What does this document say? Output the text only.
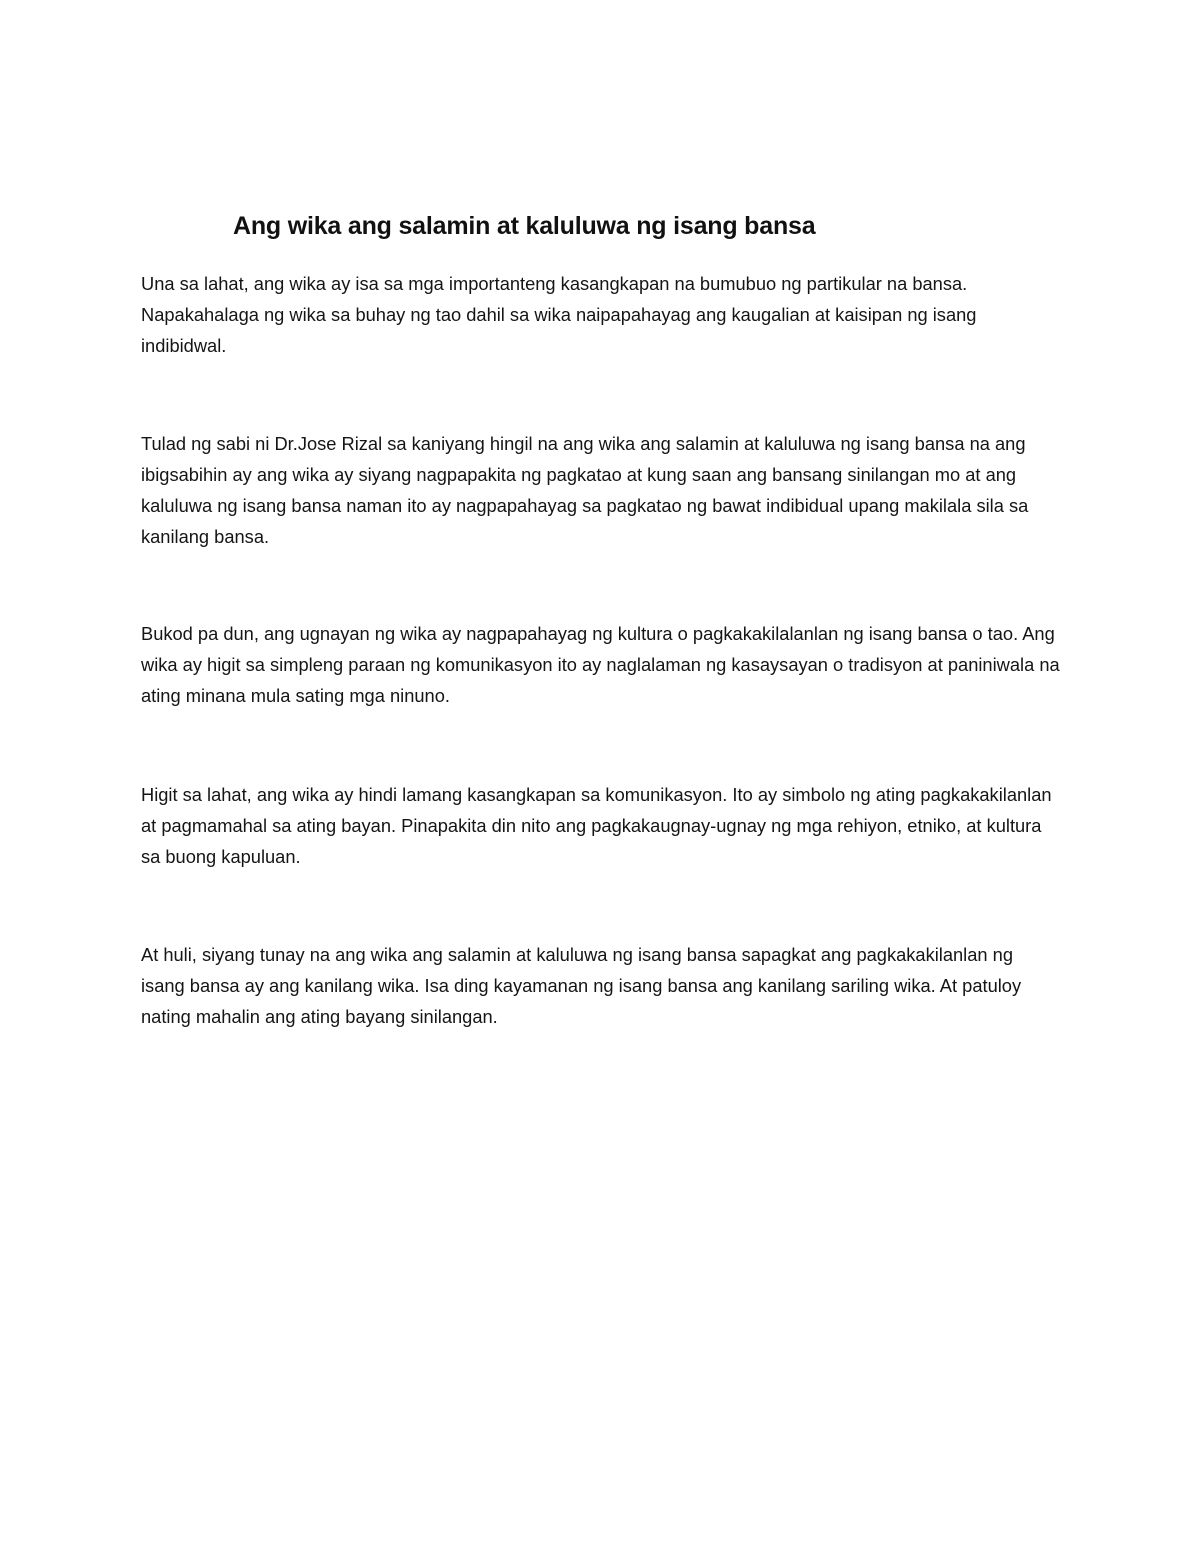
Ang wika ang salamin at kaluluwa ng isang bansa

Una sa lahat, ang wika ay isa sa mga importanteng kasangkapan na bumubuo ng partikular na bansa. Napakahalaga ng wika sa buhay ng tao dahil sa wika naipapahayag ang kaugalian at kaisipan ng isang indibidwal.

Tulad ng sabi ni Dr.Jose Rizal sa kaniyang hingil na ang wika ang salamin at kaluluwa ng isang bansa na ang ibigsabihin ay ang wika ay siyang nagpapakita ng pagkatao at kung saan ang bansang sinilangan mo at ang kaluluwa ng isang bansa naman ito ay nagpapahayag sa pagkatao ng bawat indibidual upang makilala sila sa kanilang bansa.

Bukod pa dun, ang ugnayan ng wika ay nagpapahayag ng kultura o pagkakakilalanlan ng isang bansa o tao. Ang wika ay higit sa simpleng paraan ng komunikasyon ito ay naglalaman ng kasaysayan o tradisyon at paniniwala na ating minana mula sating mga ninuno.

Higit sa lahat, ang wika ay hindi lamang kasangkapan sa komunikasyon. Ito ay simbolo ng ating pagkakakilanlan at pagmamahal sa ating bayan. Pinapakita din nito ang pagkakaugnay-ugnay ng mga rehiyon, etniko, at kultura sa buong kapuluan.

At huli, siyang tunay na ang wika ang salamin at kaluluwa ng isang bansa sapagkat ang pagkakakilanlan ng isang bansa ay ang kanilang wika. Isa ding kayamanan ng isang bansa ang kanilang sariling wika. At patuloy nating mahalin ang ating bayang sinilangan.
